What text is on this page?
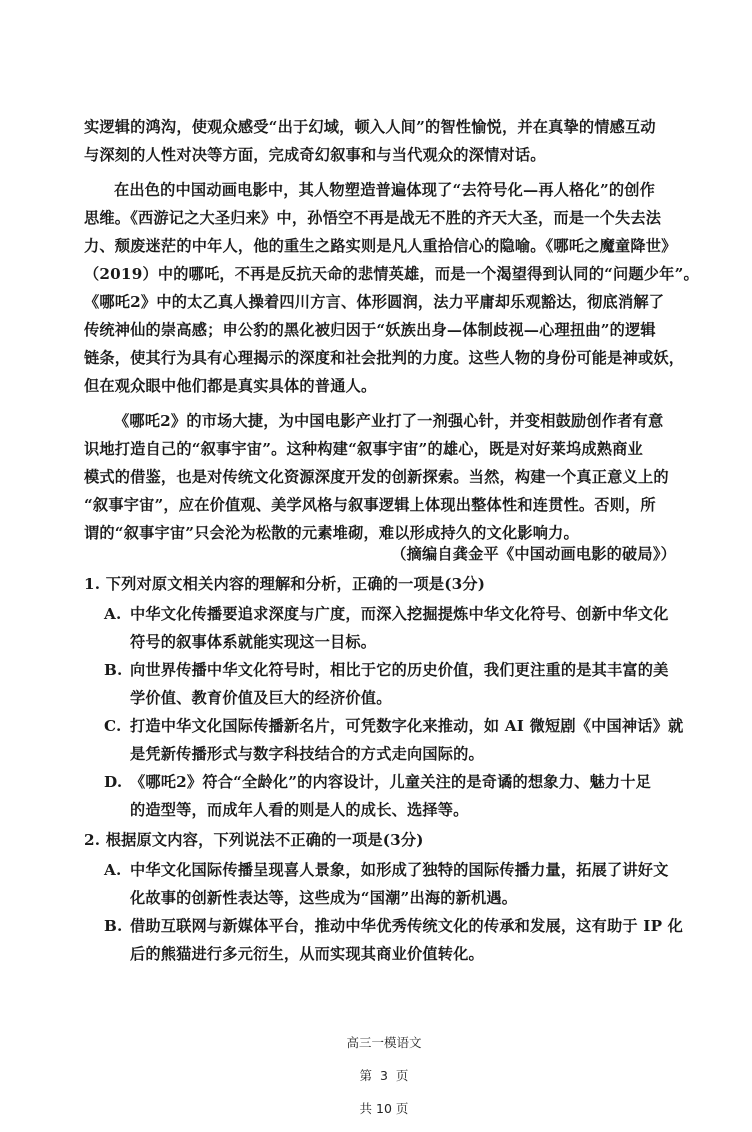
实逻辑的鸿沟，使观众感受“出于幻域，顿入人间”的智性愉悦，并在真挚的情感互动
与深刻的人性对决等方面，完成奇幻叙事和与当代观众的深情对话。
在出色的中国动画电影中，其人物塑造普遍体现了“去符号化—再人格化”的创作
思维。《西游记之大圣归来》中，孙悟空不再是战无不胜的齐天大圣，而是一个失去法
力、颓废迷茫的中年人，他的重生之路实则是凡人重拾信心的隐喻。《哪吒之魔童降世》
（2019）中的哪吒，不再是反抗天命的悲情英雄，而是一个渴望得到认同的“问题少年”。
《哪吒2》中的太乙真人操着四川方言、体形圆润，法力平庸却乐观豁达，彻底消解了
传统神仙的崇高感；申公豹的黑化被归因于“妖族出身—体制歧视—心理扭曲”的逻辑
链条，使其行为具有心理揭示的深度和社会批判的力度。这些人物的身份可能是神或妖，
但在观众眼中他们都是真实具体的普通人。
《哪吒2》的市场大捷，为中国电影产业打了一剂强心针，并变相鼓励创作者有意
识地打造自己的“叙事宇宙”。这种构建“叙事宇宙”的雄心，既是对好莱坞成熟商业
模式的借鉴，也是对传统文化资源深度开发的创新探索。当然，构建一个真正意义上的
“叙事宇宙”，应在价值观、美学风格与叙事逻辑上体现出整体性和连贯性。否则，所
谓的“叙事宇宙”只会沦为松散的元素堆砌，难以形成持久的文化影响力。
（摘编自龚金平《中国动画电影的破局》）
1. 下列对原文相关内容的理解和分析，正确的一项是(3分)
A. 中华文化传播要追求深度与广度，而深入挖掘提炼中华文化符号、创新中华文化
符号的叙事体系就能实现这一目标。
B. 向世界传播中华文化符号时，相比于它的历史价值，我们更注重的是其丰富的美
学价值、教育价值及巨大的经济价值。
C. 打造中华文化国际传播新名片，可凭数字化来推动，如 AI 微短剧《中国神话》就
是凭新传播形式与数字科技结合的方式走向国际的。
D. 《哪吒2》符合“全龄化”的内容设计，儿童关注的是奇谲的想象力、魅力十足
的造型等，而成年人看的则是人的成长、选择等。
2. 根据原文内容，下列说法不正确的一项是(3分)
A. 中华文化国际传播呈现喜人景象，如形成了独特的国际传播力量，拓展了讲好文
化故事的创新性表达等，这些成为“国潮”出海的新机遇。
B. 借助互联网与新媒体平台，推动中华优秀传统文化的传承和发展，这有助于 IP 化
后的熊猫进行多元衍生，从而实现其商业价值转化。

高三一模语文

第  3  页

共 10 页
